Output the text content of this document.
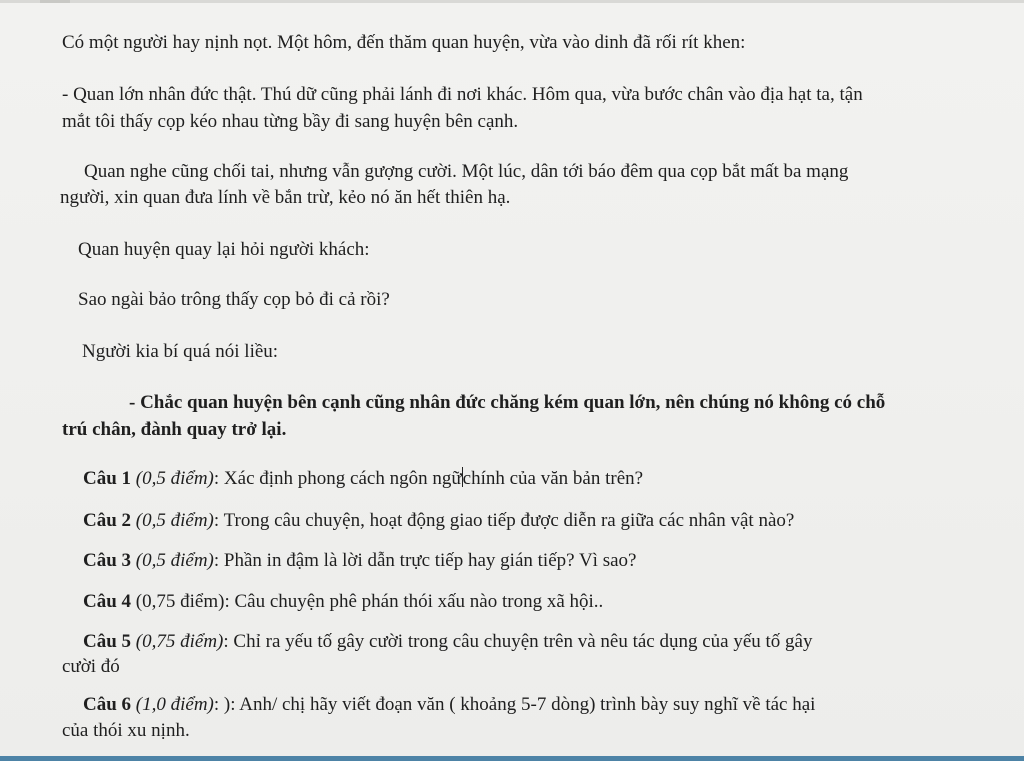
Có một người hay nịnh nọt. Một hôm, đến thăm quan huyện, vừa vào dinh đã rối rít khen:
- Quan lớn nhân đức thật. Thú dữ cũng phải lánh đi nơi khác. Hôm qua, vừa bước chân vào địa hạt ta, tận
mắt tôi thấy cọp kéo nhau từng bầy đi sang huyện bên cạnh.
Quan nghe cũng chối tai, nhưng vẫn gượng cười. Một lúc, dân tới báo đêm qua cọp bắt mất ba mạng
người, xin quan đưa lính về bắn trừ, kẻo nó ăn hết thiên hạ.
Quan huyện quay lại hỏi người khách:
Sao ngài bảo trông thấy cọp bỏ đi cả rồi?
Người kia bí quá nói liều:
- Chắc quan huyện bên cạnh cũng nhân đức chăng kém quan lớn, nên chúng nó không có chỗ
trú chân, đành quay trở lại.
Câu 1 (0,5 điểm): Xác định phong cách ngôn ngữchính của văn bản trên?
Câu 2 (0,5 điểm): Trong câu chuyện, hoạt động giao tiếp được diễn ra giữa các nhân vật nào?
Câu 3 (0,5 điểm): Phần in đậm là lời dẫn trực tiếp hay gián tiếp? Vì sao?
Câu 4 (0,75 điểm): Câu chuyện phê phán thói xấu nào trong xã hội..
Câu 5 (0,75 điểm): Chỉ ra yếu tố gây cười trong câu chuyện trên và nêu tác dụng của yếu tố gây
cười đó
Câu 6 (1,0 điểm): ): Anh/ chị hãy viết đoạn văn ( khoảng 5-7 dòng) trình bày suy nghĩ về tác hại
của thói xu nịnh.
